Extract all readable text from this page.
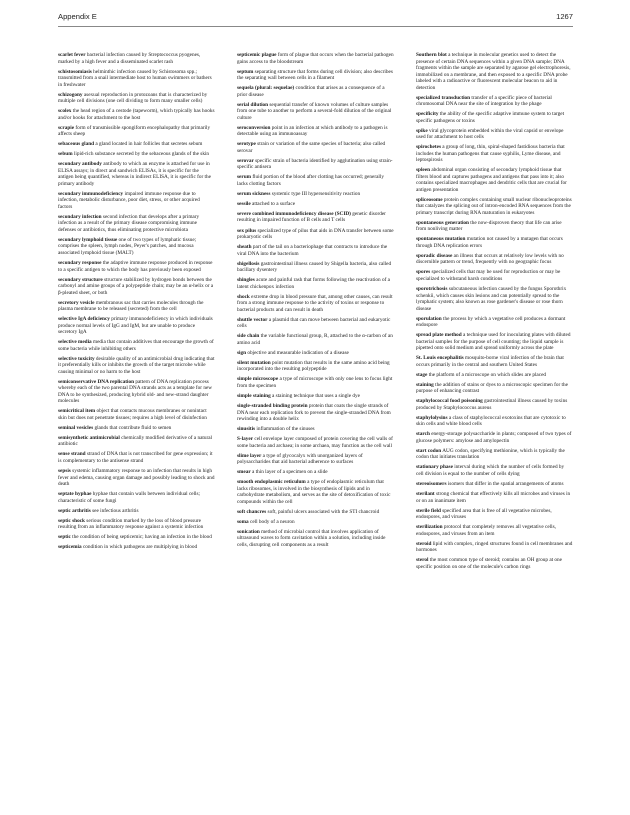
Appendix E	1267

scarlet fever bacterial infection caused by Streptococcus pyogenes, marked by a high fever and a disseminated scarlet rash

schistosomiasis helminthic infection caused by Schistosoma spp.; transmitted from a snail intermediate host to human swimmers or bathers in freshwater

schizogony asexual reproduction in protozoans that is characterized by multiple cell divisions (one cell dividing to form many smaller cells)

scolex the head region of a cestode (tapeworm), which typically has hooks and/or hooks for attachment to the host

scrapie form of transmissible spongiform encephalopathy that primarily affects sheep

sebaceous gland a gland located in hair follicles that secretes sebum

sebum lipid-rich substance secreted by the sebaceous glands of the skin

secondary antibody antibody to which an enzyme is attached for use in ELISA assays; in direct and sandwich ELISAs, it is specific for the antigen being quantified, whereas in indirect ELISA, it is specific for the primary antibody

secondary immunodeficiency impaired immune response due to infection, metabolic disturbance, poor diet, stress, or other acquired factors

secondary infection second infection that develops after a primary infection as a result of the primary disease compromising immune defenses or antibiotics, thus eliminating protective microbiota

secondary lymphoid tissue one of two types of lymphatic tissue; comprises the spleen, lymph nodes, Peyer's patches, and mucosa associated lymphoid tissue (MALT)

secondary response the adaptive immune response produced in response to a specific antigen to which the body has previously been exposed

secondary structure structure stabilized by hydrogen bonds between the carbonyl and amine groups of a polypeptide chain; may be an α-helix or a β-pleated sheet, or both

secretory vesicle membranous sac that carries molecules through the plasma membrane to be released (secreted) from the cell

selective IgA deficiency primary immunodeficiency in which individuals produce normal levels of IgG and IgM, but are unable to produce secretory IgA

selective media media that contain additives that encourage the growth of some bacteria while inhibiting others

selective toxicity desirable quality of an antimicrobial drug indicating that it preferentially kills or inhibits the growth of the target microbe while causing minimal or no harm to the host

semiconservative DNA replication pattern of DNA replication process whereby each of the two parental DNA strands acts as a template for new DNA to be synthesized, producing hybrid old- and new-strand daughter molecules

semicritical item object that contacts mucous membranes or nonintact skin but does not penetrate tissues; requires a high level of disinfection

seminal vesicles glands that contribute fluid to semen

semisynthetic antimicrobial chemically modified derivative of a natural antibiotic

sense strand strand of DNA that is not transcribed for gene expression; it is complementary to the antisense strand

sepsis systemic inflammatory response to an infection that results in high fever and edema, causing organ damage and possibly leading to shock and death

septate hyphae hyphae that contain walls between individual cells; characteristic of some fungi

septic arthritis see infectious arthritis

septic shock serious condition marked by the loss of blood pressure resulting from an inflammatory response against a systemic infection

septic the condition of being septicemic; having an infection in the blood

septicemia condition in which pathogens are multiplying in blood

septicemic plague form of plague that occurs when the bacterial pathogen gains access to the bloodstream

septum separating structure that forms during cell division; also describes the separating wall between cells in a filament

sequela (plural: sequelae) condition that arises as a consequence of a prior disease

serial dilution sequential transfer of known volumes of culture samples from one tube to another to perform a several-fold dilution of the original culture

seroconversion point in an infection at which antibody to a pathogen is detectable using an immunoassay

serotype strain or variation of the same species of bacteria; also called serovar

serovar specific strain of bacteria identified by agglutination using strain-specific antisera

serum fluid portion of the blood after clotting has occurred; generally lacks clotting factors

serum sickness systemic type III hypersensitivity reaction

sessile attached to a surface

severe combined immunodeficiency disease (SCID) genetic disorder resulting in impaired function of B cells and T cells

sex pilus specialized type of pilus that aids in DNA transfer between some prokaryotic cells

sheath part of the tail on a bacteriophage that contracts to introduce the viral DNA into the bacterium

shigellosis gastrointestinal illness caused by Shigella bacteria, also called bacillary dysentery

shingles acute and painful rash that forms following the reactivation of a latent chickenpox infection

shock extreme drop in blood pressure that, among other causes, can result from a strong immune response to the activity of toxins or response to bacterial products and can result in death

shuttle vector a plasmid that can move between bacterial and eukaryotic cells

side chain the variable functional group, R, attached to the α-carbon of an amino acid

sign objective and measurable indication of a disease

silent mutation point mutation that results in the same amino acid being incorporated into the resulting polypeptide

simple microscope a type of microscope with only one lens to focus light from the specimen

simple staining a staining technique that uses a single dye

single-stranded binding protein protein that coats the single strands of DNA near each replication fork to prevent the single-stranded DNA from rewinding into a double helix

sinusitis inflammation of the sinuses

S-layer cell envelope layer composed of protein covering the cell walls of some bacteria and archaea; in some archaea, may function as the cell wall

slime layer a type of glycocalyx with unorganized layers of polysaccharides that aid bacterial adherence to surfaces

smear a thin layer of a specimen on a slide

smooth endoplasmic reticulum a type of endoplasmic reticulum that lacks ribosomes, is involved in the biosynthesis of lipids and in carbohydrate metabolism, and serves as the site of detoxification of toxic compounds within the cell

soft chancres soft, painful ulcers associated with the STI chancroid

soma cell body of a neuron

sonication method of microbial control that involves application of ultrasound waves to form cavitation within a solution, including inside cells, disrupting cell components as a result

Southern blot a technique in molecular genetics used to detect the presence of certain DNA sequences within a given DNA sample; DNA fragments within the sample are separated by agarose gel electrophoresis, immobilized on a membrane, and then exposed to a specific DNA probe labeled with a radioactive or fluorescent molecular beacon to aid in detection

specialized transduction transfer of a specific piece of bacterial chromosomal DNA near the site of integration by the phage

specificity the ability of the specific adaptive immune system to target specific pathogens or toxins

spike viral glycoprotein embedded within the viral capsid or envelope used for attachment to host cells

spirochetes a group of long, thin, spiral-shaped fastidious bacteria that includes the human pathogens that cause syphilis, Lyme disease, and leptospirosis

spleen abdominal organ consisting of secondary lymphoid tissue that filters blood and captures pathogens and antigens that pass into it; also contains specialized macrophages and dendritic cells that are crucial for antigen presentation

spliceosome protein complex containing small nuclear ribonucleoproteins that catalyzes the splicing out of intron-encoded RNA sequences from the primary transcript during RNA maturation in eukaryotes

spontaneous generation the now-disproven theory that life can arise from nonliving matter

spontaneous mutation mutation not caused by a mutagen that occurs through DNA replication errors

sporadic disease an illness that occurs at relatively low levels with no discernible pattern or trend, frequently with no geographic focus

spores specialized cells that may be used for reproduction or may be specialized to withstand harsh conditions

sporotrichosis subcutaneous infection caused by the fungus Sporothrix schenkii, which causes skin lesions and can potentially spread to the lymphatic system; also known as rose gardener's disease or rose thorn disease

sporulation the process by which a vegetative cell produces a dormant endospore

spread plate method a technique used for inoculating plates with diluted bacterial samples for the purpose of cell counting; the liquid sample is pipetted onto solid medium and spread uniformly across the plate

St. Louis encephalitis mosquito-borne viral infection of the brain that occurs primarily in the central and southern United States

stage the platform of a microscope on which slides are placed

staining the addition of stains or dyes to a microscopic specimen for the purpose of enhancing contrast

staphylococcal food poisoning gastrointestinal illness caused by toxins produced by Staphylococcus aureus

staphylolysins a class of staphylococcal exotoxins that are cytotoxic to skin cells and white blood cells

starch energy-storage polysaccharide in plants; composed of two types of glucose polymers: amylose and amylopectin

start codon AUG codon, specifying methionine, which is typically the codon that initiates translation

stationary phase interval during which the number of cells formed by cell division is equal to the number of cells dying

stereoisomers isomers that differ in the spatial arrangements of atoms

sterilant strong chemical that effectively kills all microbes and viruses in or on an inanimate item

sterile field specified area that is free of all vegetative microbes, endospores, and viruses

sterilization protocol that completely removes all vegetative cells, endospores, and viruses from an item

steroid lipid with complex, ringed structures found in cell membranes and hormones

sterol the most common type of steroid; contains an OH group at one specific position on one of the molecule's carbon rings
